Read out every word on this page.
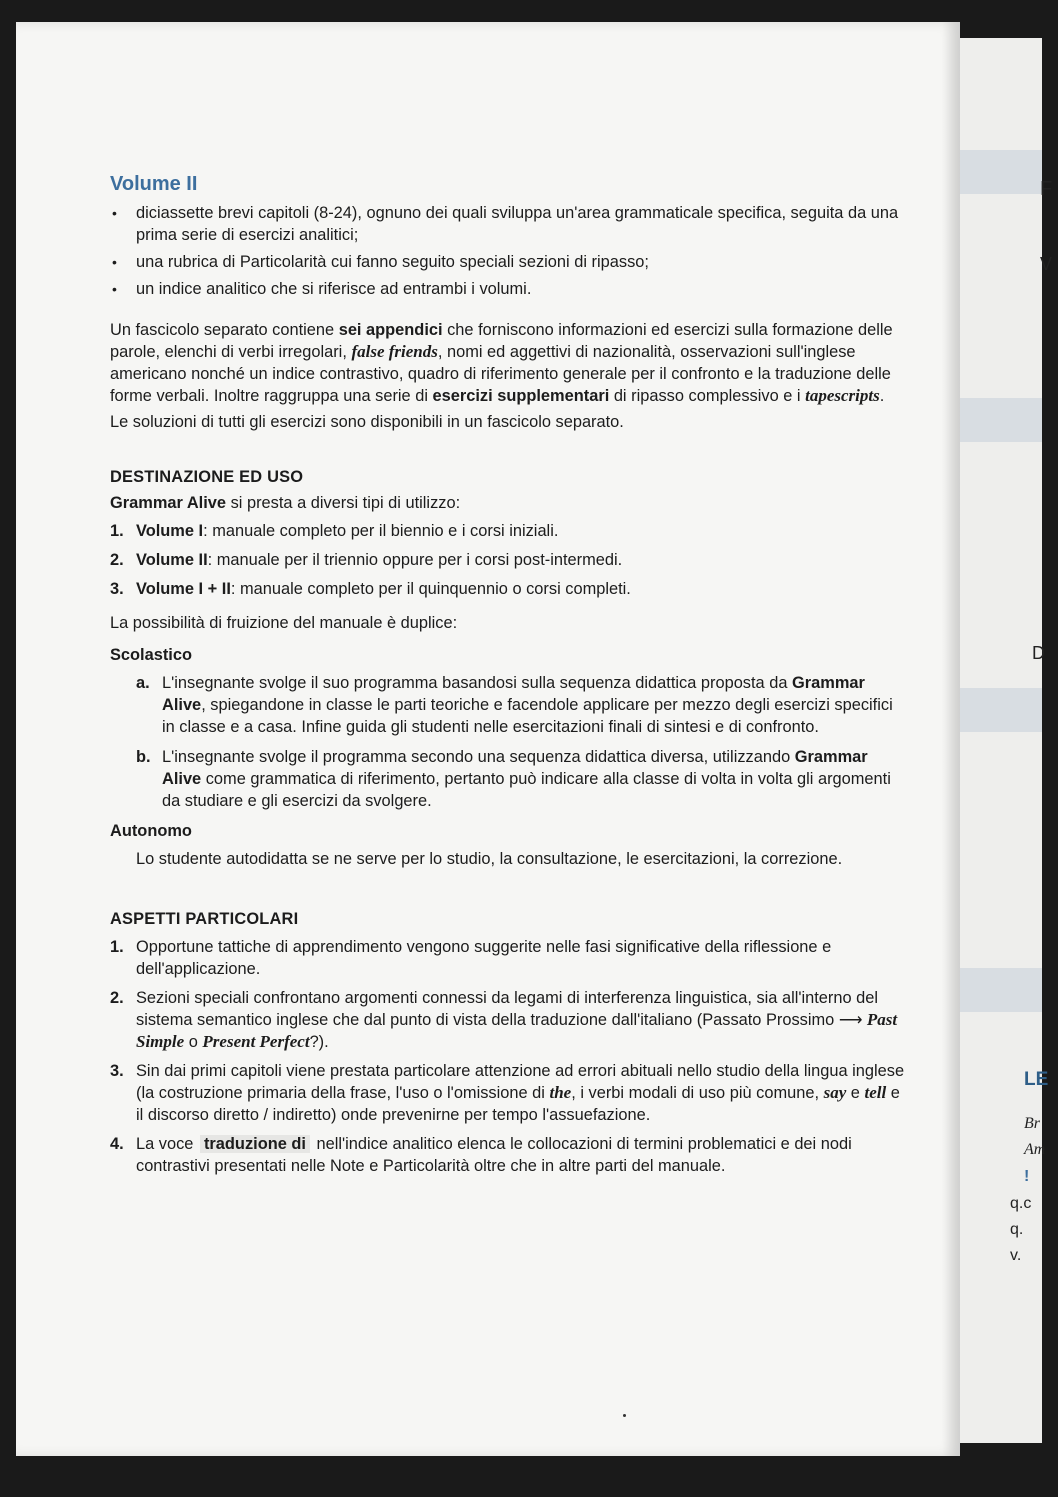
F
V
D
LE
Br
Am
!
q.c
q.
v.
Volume II
• diciassette brevi capitoli (8-24), ognuno dei quali sviluppa un'area grammaticale specifica, seguita da una prima serie di esercizi analitici;
• una rubrica di Particolarità cui fanno seguito speciali sezioni di ripasso;
• un indice analitico che si riferisce ad entrambi i volumi.

Un fascicolo separato contiene sei appendici che forniscono informazioni ed esercizi sulla formazione delle parole, elenchi di verbi irregolari, false friends, nomi ed aggettivi di nazionalità, osservazioni sull'inglese americano nonché un indice contrastivo, quadro di riferimento generale per il confronto e la traduzione delle forme verbali. Inoltre raggruppa una serie di esercizi supplementari di ripasso complessivo e i tapescripts.

Le soluzioni di tutti gli esercizi sono disponibili in un fascicolo separato.

DESTINAZIONE ED USO

Grammar Alive si presta a diversi tipi di utilizzo:

1. Volume I: manuale completo per il biennio e i corsi iniziali.
2. Volume II: manuale per il triennio oppure per i corsi post-intermedi.
3. Volume I + II: manuale completo per il quinquennio o corsi completi.

La possibilità di fruizione del manuale è duplice:

Scolastico
a. L'insegnante svolge il suo programma basandosi sulla sequenza didattica proposta da Grammar Alive, spiegandone in classe le parti teoriche e facendole applicare per mezzo degli esercizi specifici in classe e a casa. Infine guida gli studenti nelle esercitazioni finali di sintesi e di confronto.
b. L'insegnante svolge il programma secondo una sequenza didattica diversa, utilizzando Grammar Alive come grammatica di riferimento, pertanto può indicare alla classe di volta in volta gli argomenti da studiare e gli esercizi da svolgere.
Autonomo

Lo studente autodidatta se ne serve per lo studio, la consultazione, le esercitazioni, la correzione.

ASPETTI PARTICOLARI
1. Opportune tattiche di apprendimento vengono suggerite nelle fasi significative della riflessione e dell'applicazione.
2. Sezioni speciali confrontano argomenti connessi da legami di interferenza linguistica, sia all'interno del sistema semantico inglese che dal punto di vista della traduzione dall'italiano (Passato Prossimo ⟶ Past Simple o Present Perfect?).
3. Sin dai primi capitoli viene prestata particolare attenzione ad errori abituali nello studio della lingua inglese (la costruzione primaria della frase, l'uso o l'omissione di the, i verbi modali di uso più comune, say e tell e il discorso diretto / indiretto) onde prevenirne per tempo l'assuefazione.
4. La voce traduzione di nell'indice analitico elenca le collocazioni di termini problematici e dei nodi contrastivi presentati nelle Note e Particolarità oltre che in altre parti del manuale.
